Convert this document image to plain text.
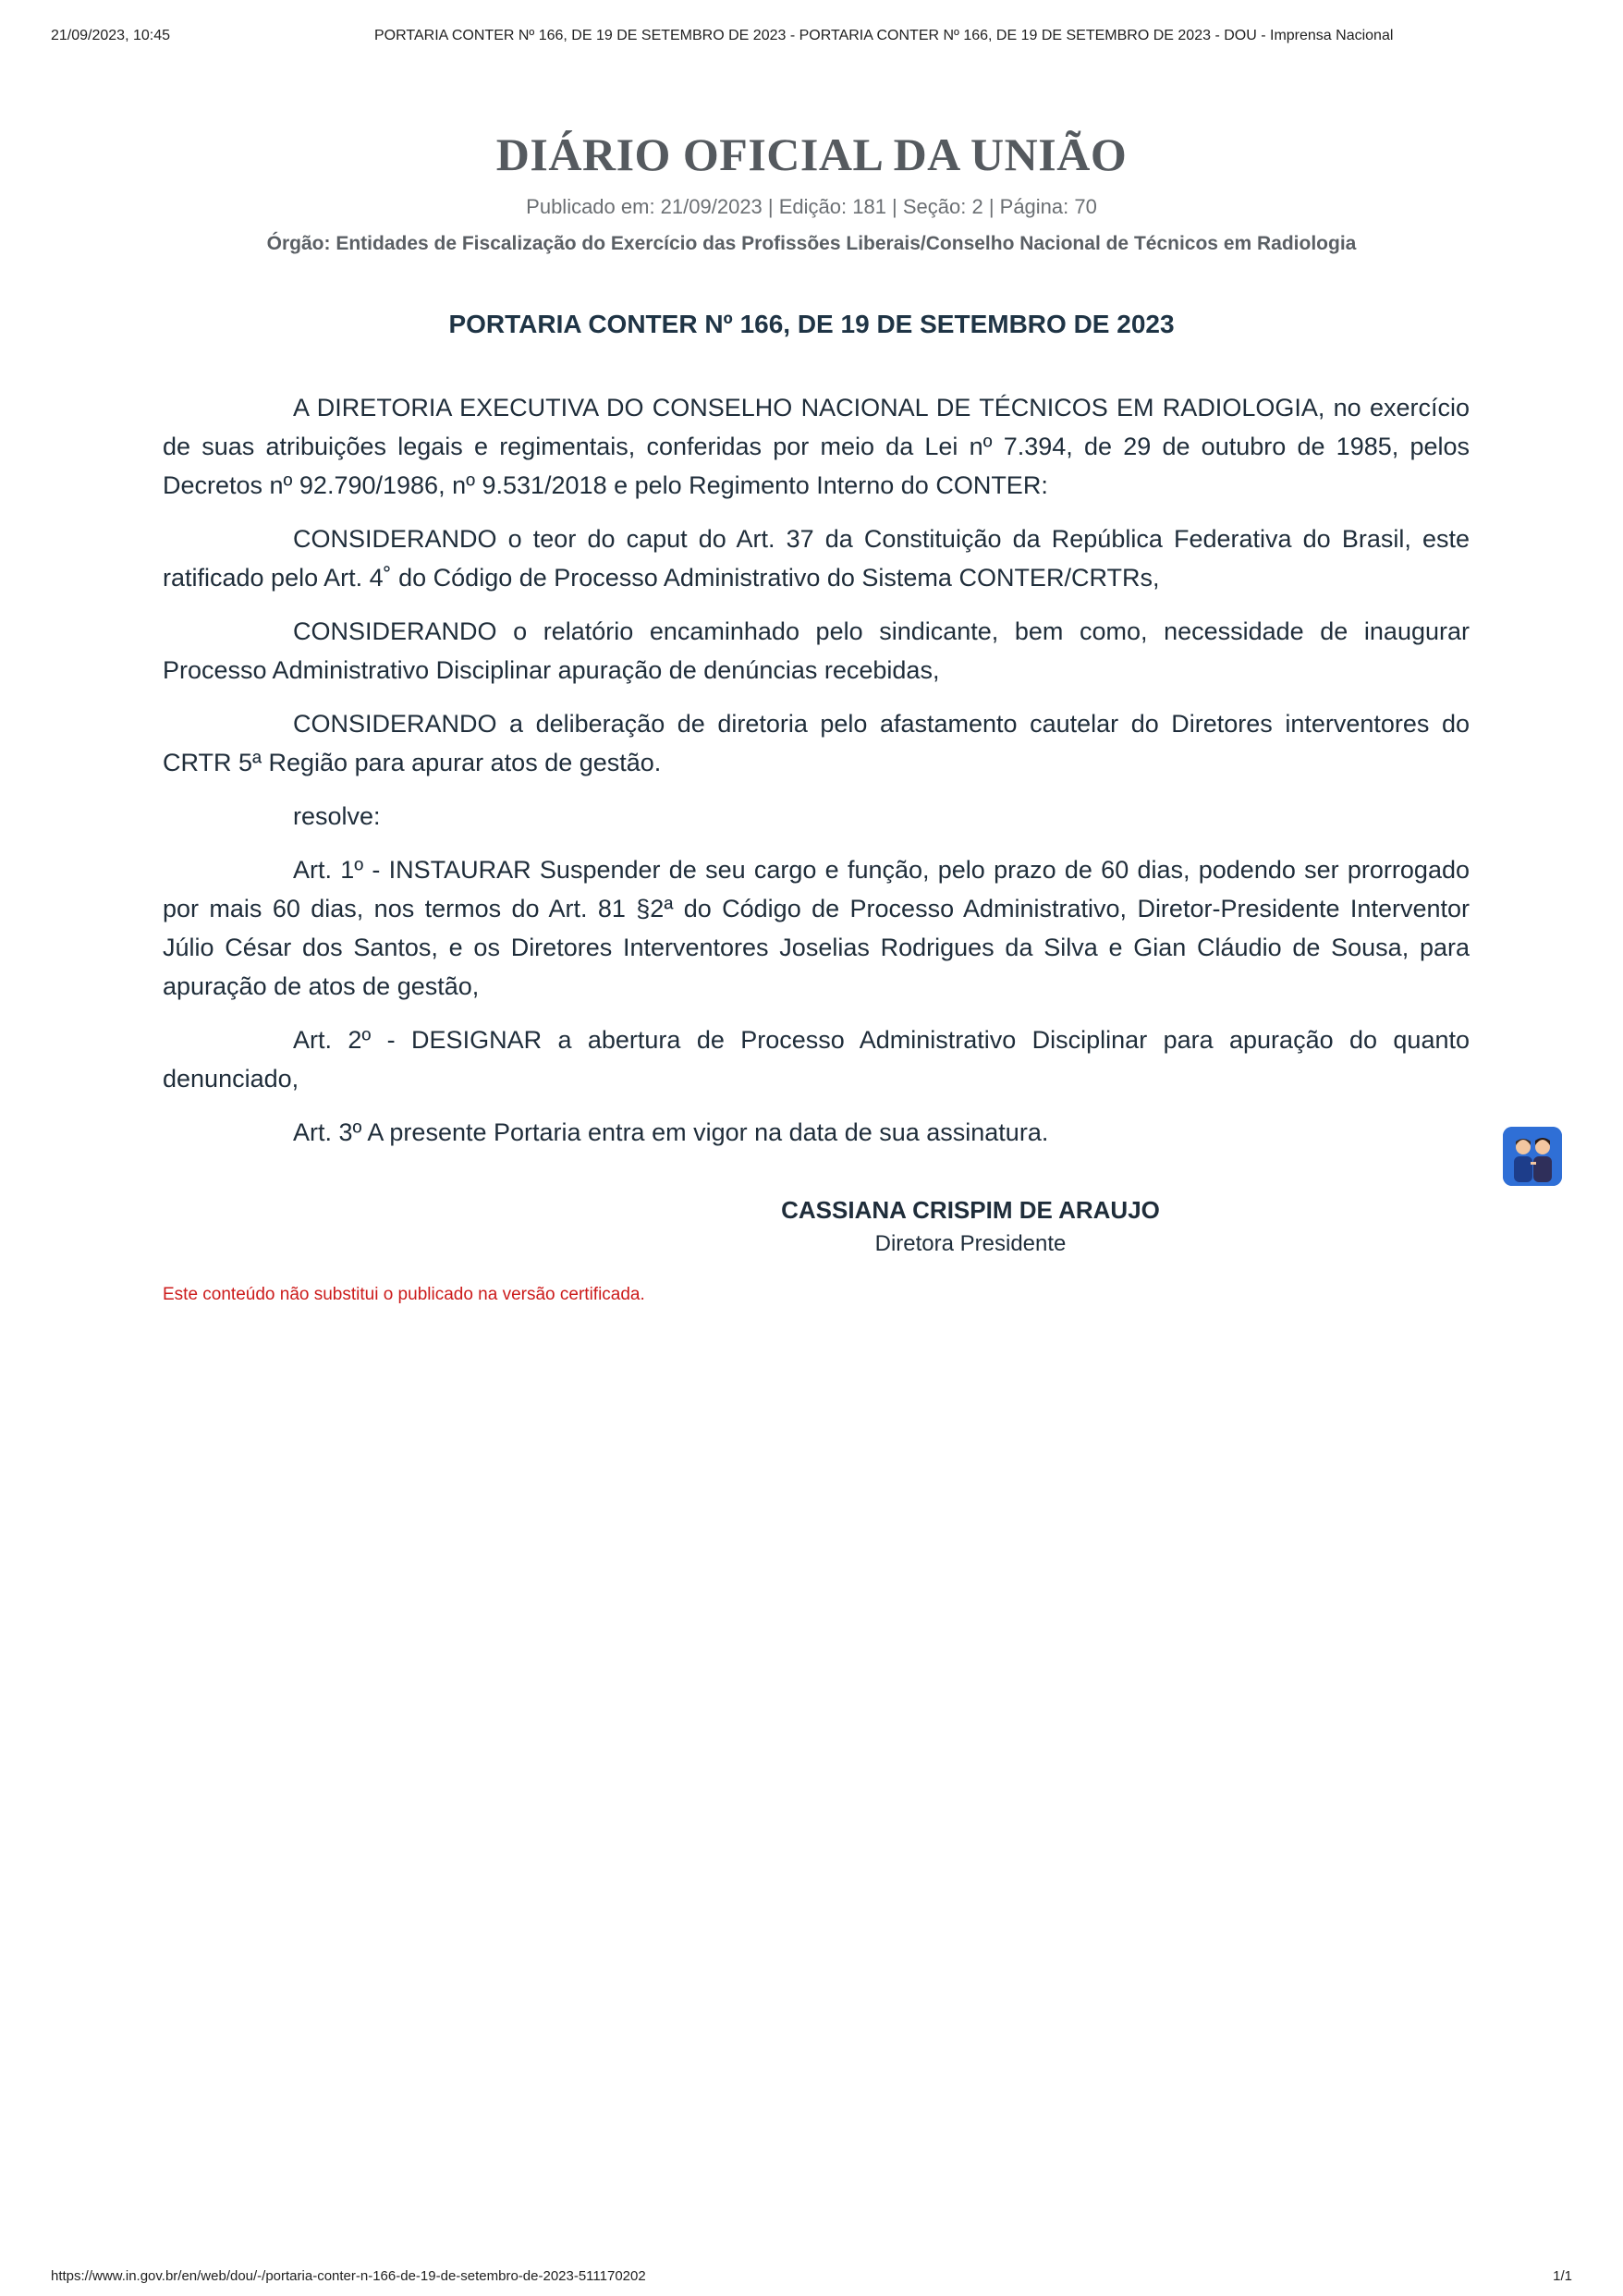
21/09/2023, 10:45	PORTARIA CONTER Nº 166, DE 19 DE SETEMBRO DE 2023 - PORTARIA CONTER Nº 166, DE 19 DE SETEMBRO DE 2023 - DOU - Imprensa Nacional
DIÁRIO OFICIAL DA UNIÃO
Publicado em: 21/09/2023 | Edição: 181 | Seção: 2 | Página: 70
Órgão: Entidades de Fiscalização do Exercício das Profissões Liberais/Conselho Nacional de Técnicos em Radiologia
PORTARIA CONTER Nº 166, DE 19 DE SETEMBRO DE 2023

A DIRETORIA EXECUTIVA DO CONSELHO NACIONAL DE TÉCNICOS EM RADIOLOGIA, no exercício de suas atribuições legais e regimentais, conferidas por meio da Lei nº 7.394, de 29 de outubro de 1985, pelos Decretos nº 92.790/1986, nº 9.531/2018 e pelo Regimento Interno do CONTER:

CONSIDERANDO o teor do caput do Art. 37 da Constituição da República Federativa do Brasil, este ratificado pelo Art. 4˚ do Código de Processo Administrativo do Sistema CONTER/CRTRs,

CONSIDERANDO o relatório encaminhado pelo sindicante, bem como, necessidade de inaugurar Processo Administrativo Disciplinar apuração de denúncias recebidas,

CONSIDERANDO a deliberação de diretoria pelo afastamento cautelar do Diretores interventores do CRTR 5ª Região para apurar atos de gestão.

resolve:

Art. 1º - INSTAURAR Suspender de seu cargo e função, pelo prazo de 60 dias, podendo ser prorrogado por mais 60 dias, nos termos do Art. 81 §2ª do Código de Processo Administrativo, Diretor-Presidente Interventor Júlio César dos Santos, e os Diretores Interventores Joselias Rodrigues da Silva e Gian Cláudio de Sousa, para apuração de atos de gestão,

Art. 2º - DESIGNAR a abertura de Processo Administrativo Disciplinar para apuração do quanto denunciado,

Art. 3º A presente Portaria entra em vigor na data de sua assinatura.

CASSIANA CRISPIM DE ARAUJO
Diretora Presidente
Este conteúdo não substitui o publicado na versão certificada.
https://www.in.gov.br/en/web/dou/-/portaria-conter-n-166-de-19-de-setembro-de-2023-511170202	1/1
